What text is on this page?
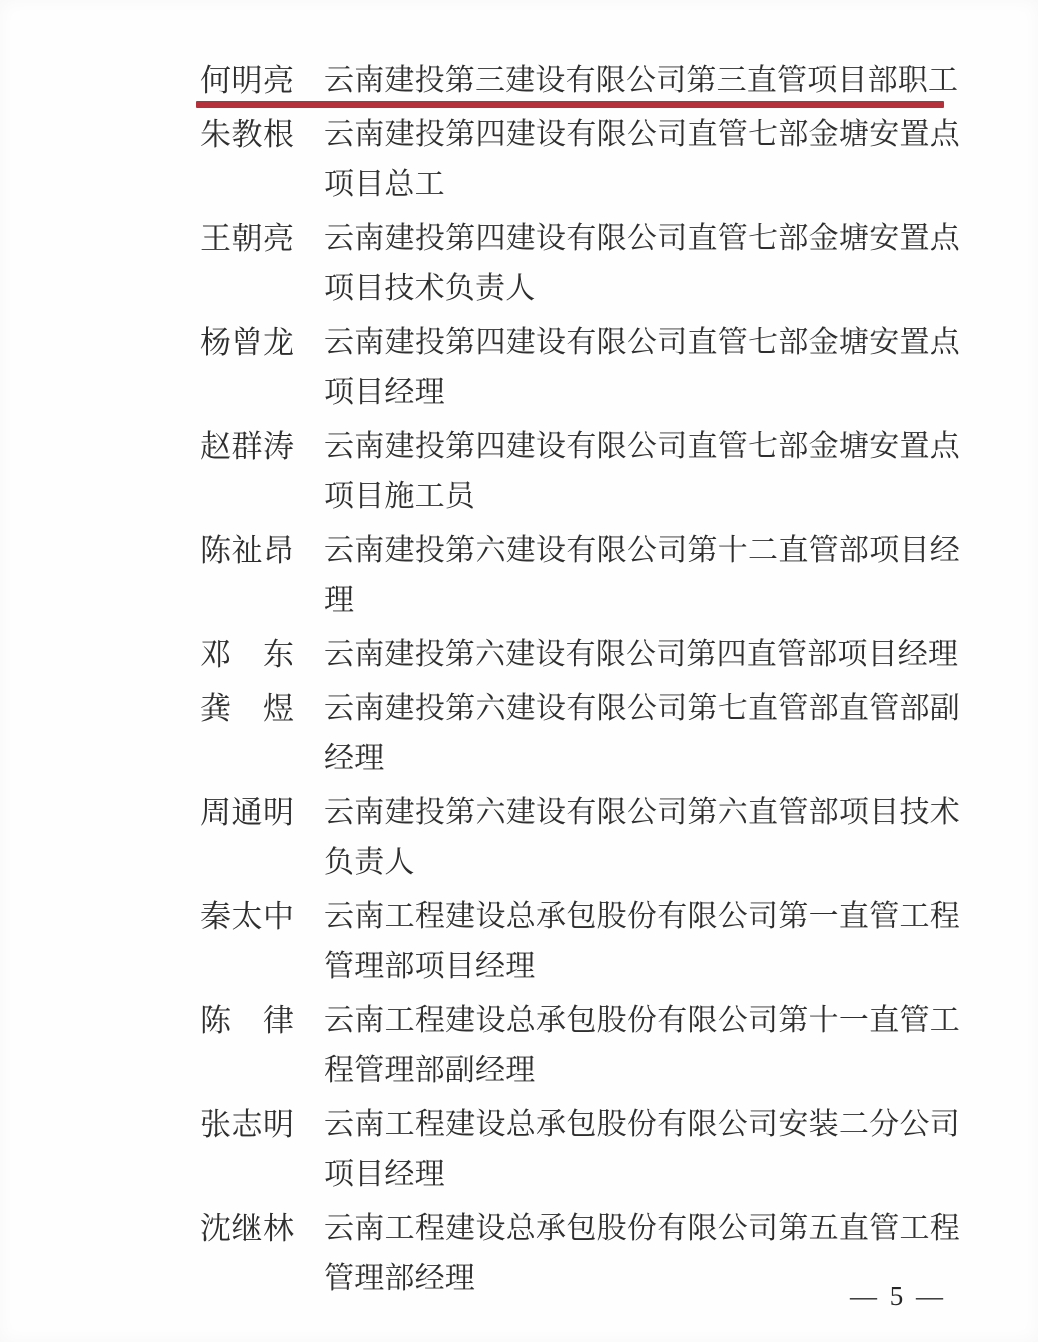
何明亮 云南建投第三建设有限公司第三直管项目部职工
朱教根 云南建投第四建设有限公司直管七部金塘安置点项目总工
王朝亮 云南建投第四建设有限公司直管七部金塘安置点项目技术负责人
杨曾龙 云南建投第四建设有限公司直管七部金塘安置点项目经理
赵群涛 云南建投第四建设有限公司直管七部金塘安置点项目施工员
陈祉昂 云南建投第六建设有限公司第十二直管部项目经理
邓　东 云南建投第六建设有限公司第四直管部项目经理
龚　煜 云南建投第六建设有限公司第七直管部直管部副经理
周通明 云南建投第六建设有限公司第六直管部项目技术负责人
秦太中 云南工程建设总承包股份有限公司第一直管工程管理部项目经理
陈　律 云南工程建设总承包股份有限公司第十一直管工程管理部副经理
张志明 云南工程建设总承包股份有限公司安装二分公司项目经理
沈继林 云南工程建设总承包股份有限公司第五直管工程管理部经理
— 5 —
